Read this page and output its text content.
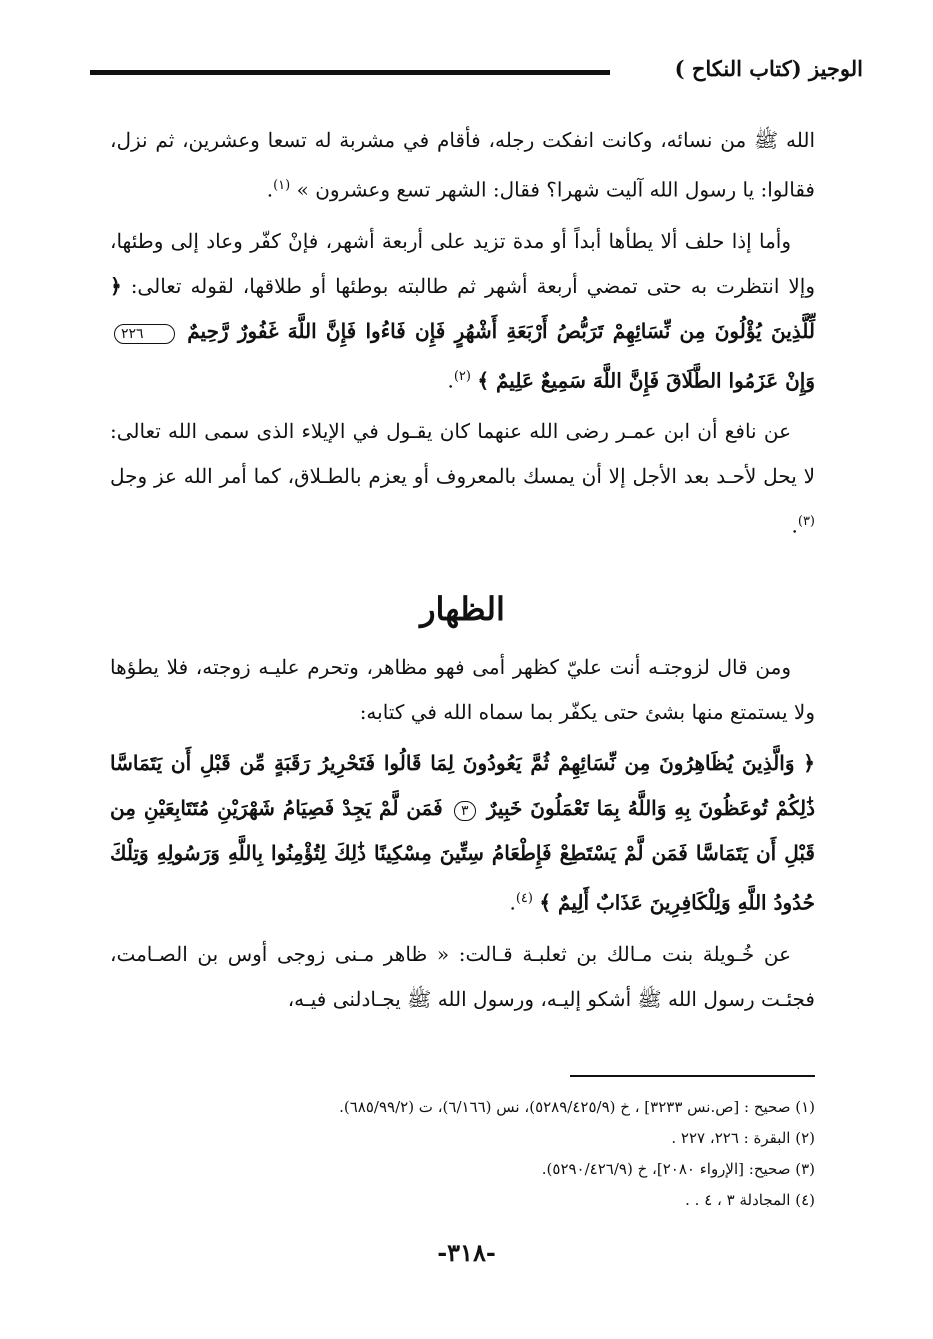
الوجيز (كتاب النكاح )

الله ﷺ من نسائه، وكانت انفكت رجله، فأقام في مشربة له تسعا وعشرين، ثم نزل، فقالوا: يا رسول الله آليت شهرا؟ فقال: الشهر تسع وعشرون » $^{(١)}$.

وأما إذا حلف ألا يطأها أبداً أو مدة تزيد على أربعة أشهر، فإنْ كفّر وعاد إلى وطئها، وإلا انتظرت به حتى تمضي أربعة أشهر ثم طالبته بوطئها أو طلاقها، لقوله تعالى: ﴿ لِّلَّذِينَ يُؤْلُونَ مِن نِّسَائِهِمْ تَرَبُّصُ أَرْبَعَةِ أَشْهُرٍ فَإِن فَاءُوا فَإِنَّ اللَّهَ غَفُورٌ رَّحِيمٌ ٢٢٦ وَإِنْ عَزَمُوا الطَّلَاقَ فَإِنَّ اللَّهَ سَمِيعٌ عَلِيمٌ ﴾ $^{(٢)}$.

عن نافع أن ابن عمـر رضى الله عنهما كان يقـول في الإيلاء الذى سمى الله تعالى: لا يحل لأحـد بعد الأجل إلا أن يمسك بالمعروف أو يعزم بالطـلاق، كما أمر الله عز وجل $^{(٣)}$.

الظهار

ومن قال لزوجتـه أنت عليّ كظهر أمى فهو مظاهر، وتحرم عليـه زوجته، فلا يطؤها ولا يستمتع منها بشئ حتى يكفّر بما سماه الله في كتابه:

﴿ وَالَّذِينَ يُظَاهِرُونَ مِن نِّسَائِهِمْ ثُمَّ يَعُودُونَ لِمَا قَالُوا فَتَحْرِيرُ رَقَبَةٍ مِّن قَبْلِ أَن يَتَمَاسَّا ذَٰلِكُمْ تُوعَظُونَ بِهِ وَاللَّهُ بِمَا تَعْمَلُونَ خَبِيرٌ ٣ فَمَن لَّمْ يَجِدْ فَصِيَامُ شَهْرَيْنِ مُتَتَابِعَيْنِ مِن قَبْلِ أَن يَتَمَاسَّا فَمَن لَّمْ يَسْتَطِعْ فَإِطْعَامُ سِتِّينَ مِسْكِينًا ذَٰلِكَ لِتُؤْمِنُوا بِاللَّهِ وَرَسُولِهِ وَتِلْكَ حُدُودُ اللَّهِ وَلِلْكَافِرِينَ عَذَابٌ أَلِيمٌ ﴾ $^{(٤)}$.

عن خُـويلة بنت مـالك بن ثعلبـة قـالت: « ظاهر مـنى زوجى أوس بن الصـامت، فجئـت رسول الله ﷺ أشكو إليـه، ورسول الله ﷺ يجـادلنى فيـه،

(١) صحيح : [ص.نس ٣٢٣٣] ، خ (٥٢٨٩/٤٢٥/٩)، نس (٦/١٦٦)، ت (٦٨٥/٩٩/٢).
(٢) البقرة : ٢٢٦، ٢٢٧ .
(٣) صحيح: [الإرواء ٢٠٨٠]، خ (٥٢٩٠/٤٢٦/٩).
(٤) المجادلة ٣ ، ٤ . .
-٣١٨-
